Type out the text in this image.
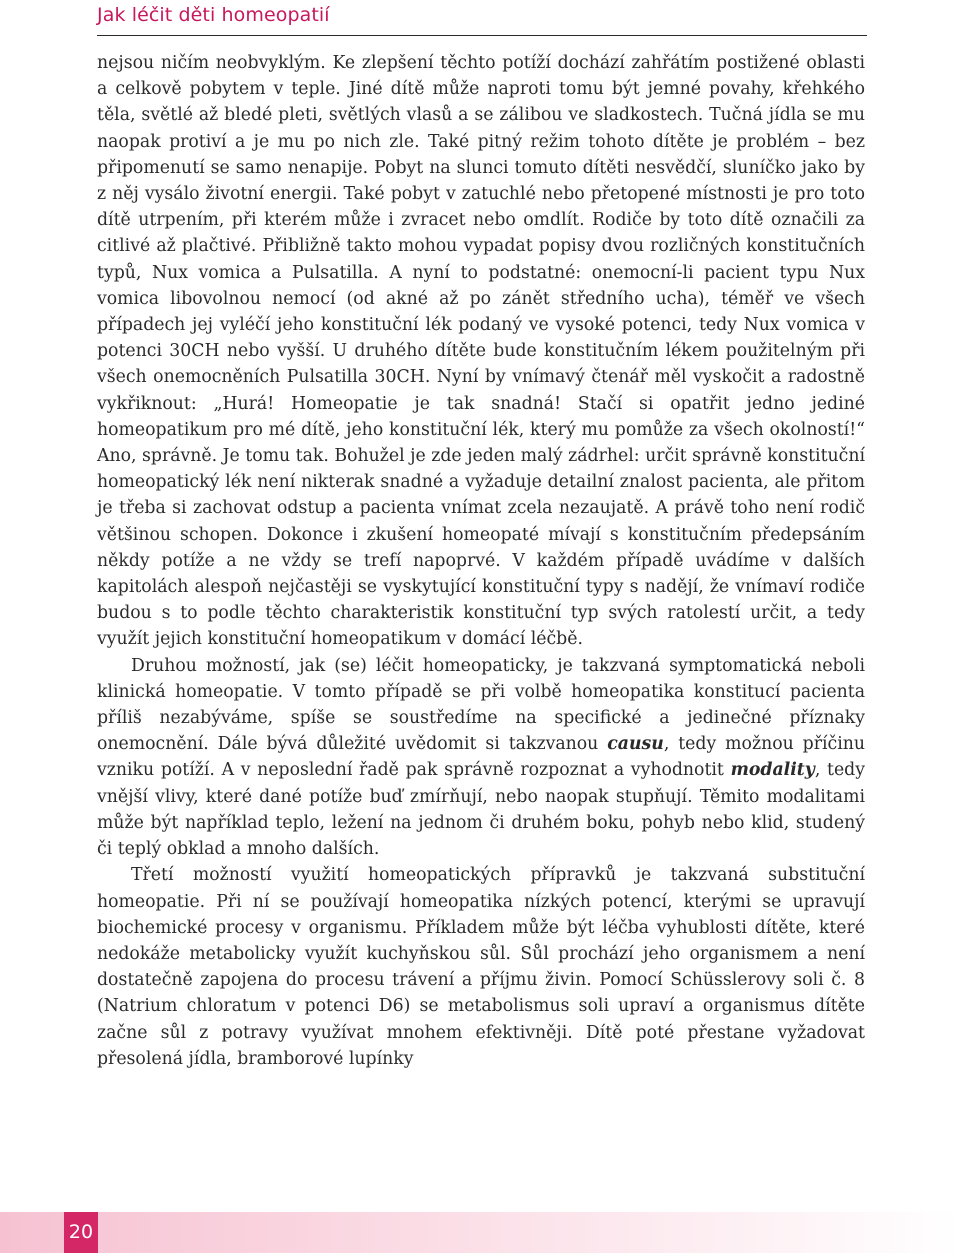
Jak léčit děti homeopatií

nejsou ničím neobvyklým. Ke zlepšení těchto potíží dochází zahřátím postižené oblasti a celkově pobytem v teple. Jiné dítě může naproti tomu být jemné povahy, křehkého těla, světlé až bledé pleti, světlých vlasů a se zálibou ve sladkostech. Tučná jídla se mu naopak protiví a je mu po nich zle. Také pitný režim tohoto dítěte je problém – bez připomenutí se samo nenapije. Pobyt na slunci tomuto dítěti nesvědčí, sluníčko jako by z něj vysálo životní energii. Také pobyt v zatuchlé nebo přetopené místnosti je pro toto dítě utrpením, při kterém může i zvracet nebo omdlít. Rodiče by toto dítě označili za citlivé až plačtivé. Přibližně takto mohou vypadat popisy dvou rozličných konstitučních typů, Nux vomica a Pulsatilla. A nyní to podstatné: onemocní-li pacient typu Nux vomica libovolnou nemocí (od akné až po zánět středního ucha), téměř ve všech případech jej vyléčí jeho konstituční lék podaný ve vysoké potenci, tedy Nux vomica v potenci 30CH nebo vyšší. U druhého dítěte bude konstitučním lékem použitelným při všech onemocněních Pulsatilla 30CH. Nyní by vnímavý čtenář měl vyskočit a radostně vykřiknout: „Hurá! Homeopatie je tak snadná! Stačí si opatřit jedno jediné homeopatikum pro mé dítě, jeho konstituční lék, který mu pomůže za všech okolností!“ Ano, správně. Je tomu tak. Bohužel je zde jeden malý zádrhel: určit správně konstituční homeopatický lék není nikterak snadné a vyžaduje detailní znalost pacienta, ale přitom je třeba si zachovat odstup a pacienta vnímat zcela nezaujatě. A právě toho není rodič většinou schopen. Dokonce i zkušení homeopaté mívají s konstitučním předepsáním někdy potíže a ne vždy se trefí napoprvé. V každém případě uvádíme v dalších kapitolách alespoň nejčastěji se vyskytující konstituční typy s nadějí, že vnímaví rodiče budou s to podle těchto charakteristik konstituční typ svých ratolestí určit, a tedy využít jejich konstituční homeopatikum v domácí léčbě.

Druhou možností, jak (se) léčit homeopaticky, je takzvaná symptomatická neboli klinická homeopatie. V tomto případě se při volbě homeopatika konstitucí pacienta příliš nezabýváme, spíše se soustředíme na specifické a jedinečné příznaky onemocnění. Dále bývá důležité uvědomit si takzvanou causu, tedy možnou příčinu vzniku potíží. A v neposlední řadě pak správně rozpoznat a vyhodnotit modality, tedy vnější vlivy, které dané potíže buď zmírňují, nebo naopak stupňují. Těmito modalitami může být například teplo, ležení na jednom či druhém boku, pohyb nebo klid, studený či teplý obklad a mnoho dalších.

Třetí možností využití homeopatických přípravků je takzvaná substituční homeopatie. Při ní se používají homeopatika nízkých potencí, kterými se upravují biochemické procesy v organismu. Příkladem může být léčba vyhublosti dítěte, které nedokáže metabolicky využít kuchyňskou sůl. Sůl prochází jeho organismem a není dostatečně zapojena do procesu trávení a příjmu živin. Pomocí Schüsslerovy soli č. 8 (Natrium chloratum v potenci D6) se metabolismus soli upraví a organismus dítěte začne sůl z potravy využívat mnohem efektivněji. Dítě poté přestane vyžadovat přesolená jídla, bramborové lupínky

20
